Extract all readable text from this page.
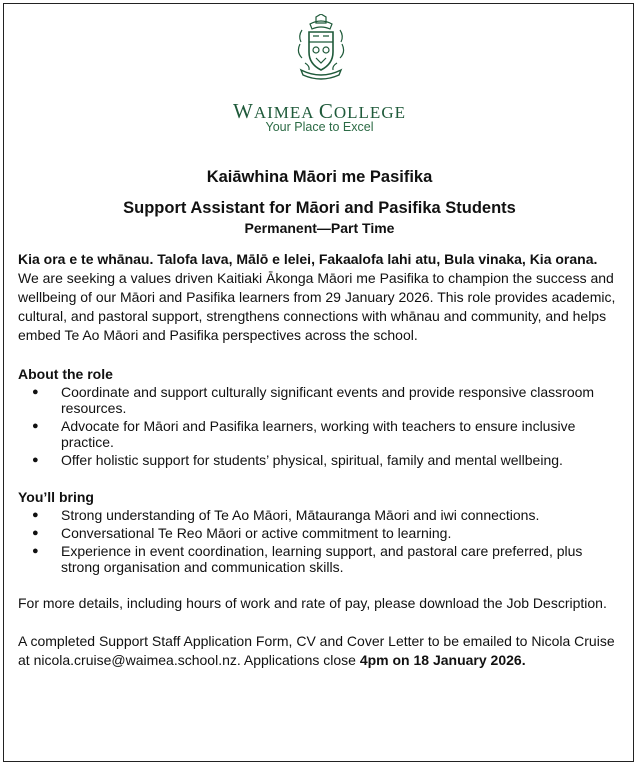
WAIMEA COLLEGE
Your Place to Excel
Kaiāwhina Māori me Pasifika
Support Assistant for Māori and Pasifika Students
Permanent—Part Time

Kia ora e te whānau. Talofa lava, Mālō e lelei, Fakaalofa lahi atu, Bula vinaka, Kia orana.

We are seeking a values driven Kaitiaki Ākonga Māori me Pasifika to champion the success and wellbeing of our Māori and Pasifika learners from 29 January 2026. This role provides academic, cultural, and pastoral support, strengthens connections with whānau and community, and helps embed Te Ao Māori and Pasifika perspectives across the school.

About the role

● Coordinate and support culturally significant events and provide responsive classroom resources.
● Advocate for Māori and Pasifika learners, working with teachers to ensure inclusive practice.
● Offer holistic support for students’ physical, spiritual, family and mental wellbeing.

You’ll bring

● Strong understanding of Te Ao Māori, Mātauranga Māori and iwi connections.
● Conversational Te Reo Māori or active commitment to learning.
● Experience in event coordination, learning support, and pastoral care preferred, plus strong organisation and communication skills.

For more details, including hours of work and rate of pay, please download the Job Description.

A completed Support Staff Application Form, CV and Cover Letter to be emailed to Nicola Cruise at nicola.cruise@waimea.school.nz. Applications close 4pm on 18 January 2026.
